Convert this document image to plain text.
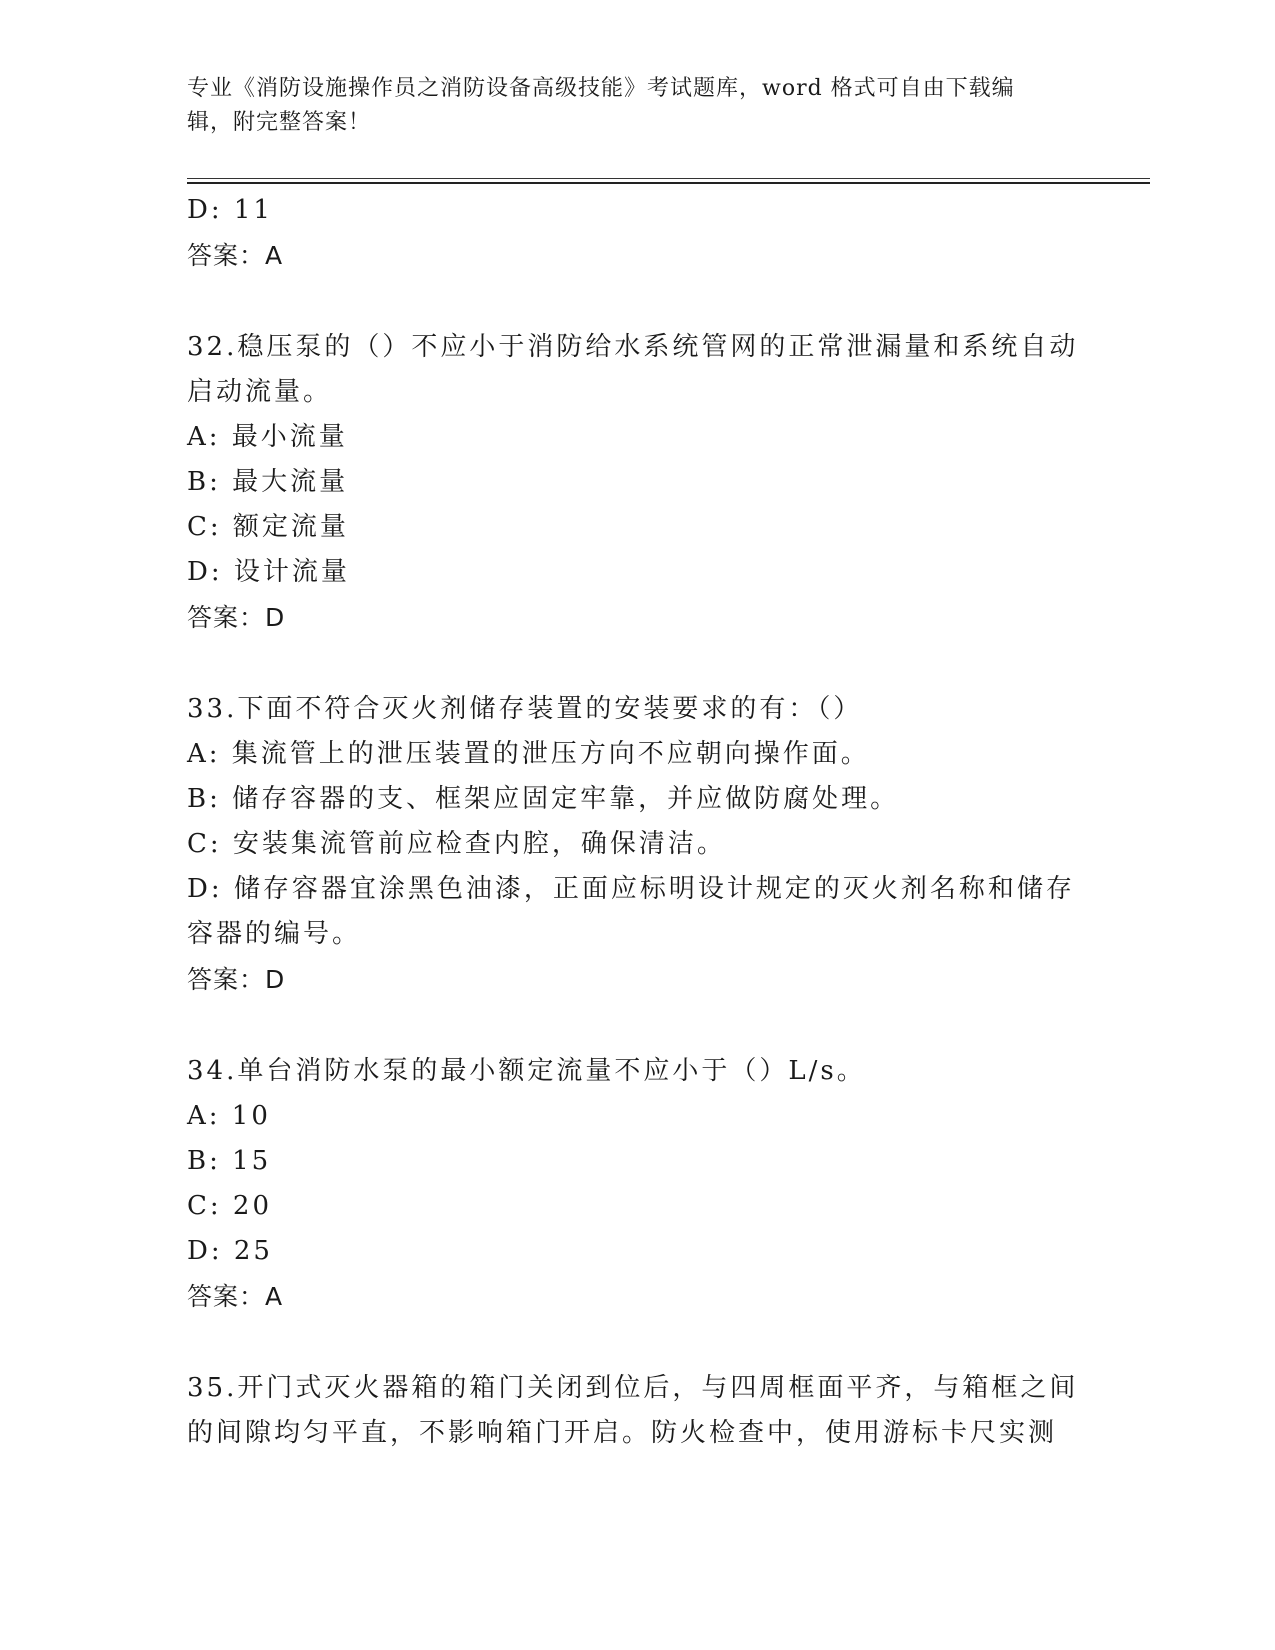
专业《消防设施操作员之消防设备高级技能》考试题库，word 格式可自由下载编
辑，附完整答案！
D: 11
答案：A
32.稳压泵的（）不应小于消防给水系统管网的正常泄漏量和系统自动
启动流量。
A: 最小流量
B: 最大流量
C: 额定流量
D: 设计流量
答案：D
33.下面不符合灭火剂储存装置的安装要求的有：（）
A: 集流管上的泄压装置的泄压方向不应朝向操作面。
B: 储存容器的支、框架应固定牢靠，并应做防腐处理。
C: 安装集流管前应检查内腔，确保清洁。
D: 储存容器宜涂黑色油漆，正面应标明设计规定的灭火剂名称和储存
容器的编号。
答案：D
34.单台消防水泵的最小额定流量不应小于（）L/s。
A: 10
B: 15
C: 20
D: 25
答案：A
35.开门式灭火器箱的箱门关闭到位后，与四周框面平齐，与箱框之间
的间隙均匀平直，不影响箱门开启。防火检查中，使用游标卡尺实测
